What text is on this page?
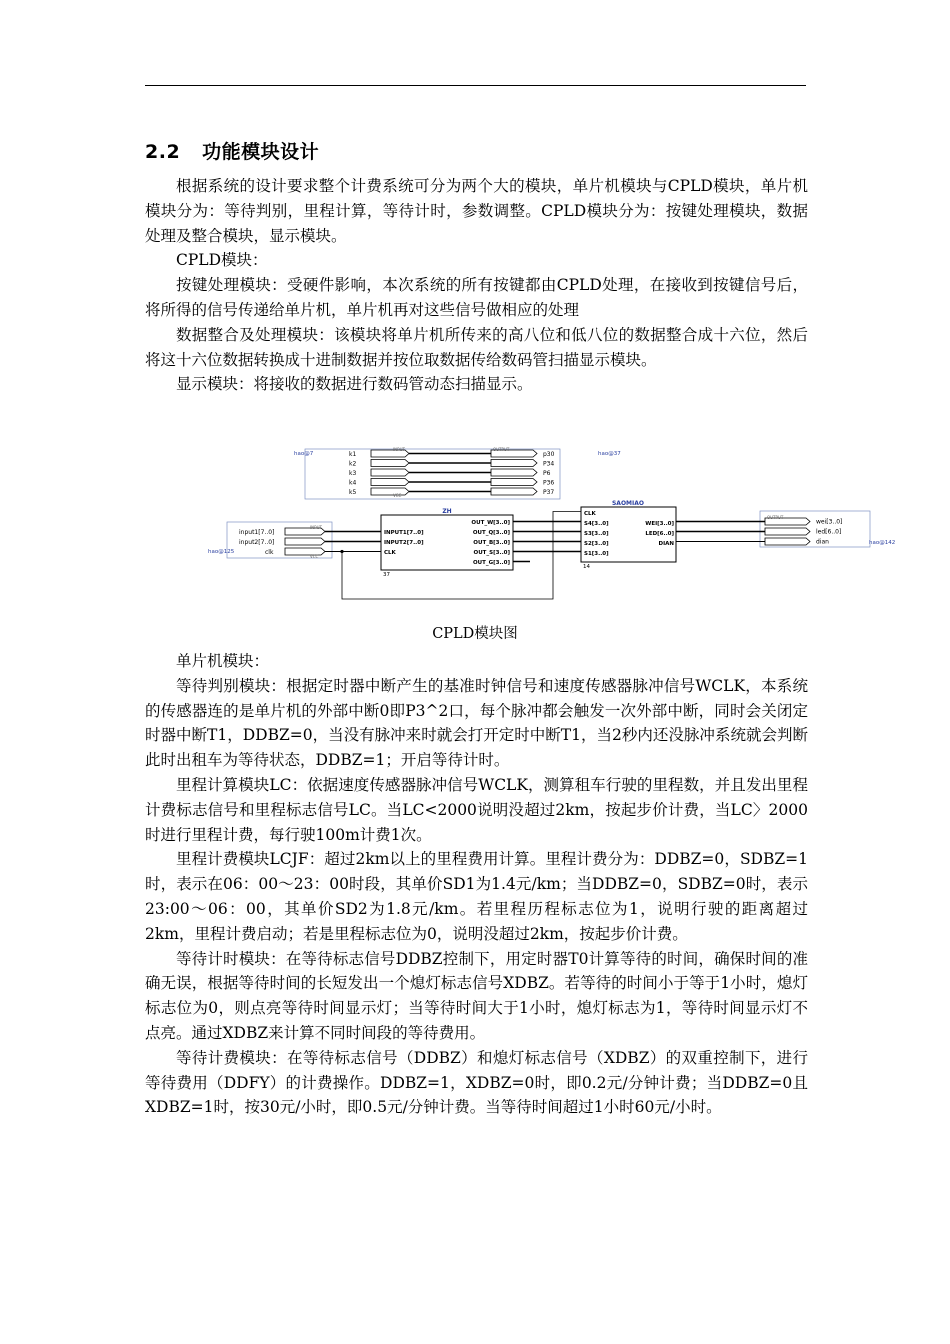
2.2 功能模块设计

根据系统的设计要求整个计费系统可分为两个大的模块，单片机模块与CPLD模块，单片机模块分为：等待判别，里程计算，等待计时，参数调整。CPLD模块分为：按键处理模块，数据处理及整合模块，显示模块。

CPLD模块：

按键处理模块：受硬件影响，本次系统的所有按键都由CPLD处理，在接收到按键信号后，将所得的信号传递给单片机，单片机再对这些信号做相应的处理

数据整合及处理模块：该模块将单片机所传来的高八位和低八位的数据整合成十六位，然后将这十六位数据转换成十进制数据并按位取数据传给数码管扫描显示模块。

显示模块：将接收的数据进行数码管动态扫描显示。

hao@7	k1
INPUT
k2
k3
k4
k5	VCC
hao@37
p30
OUTPUT
P34
P6
P36
P37
input1[7..0]
INPUT
input2[7..0]
clk
VCC
hao@125
ZH
INPUT1[7..0]
INPUT2[7..0]
CLK
OUT_W[3..0]
OUT_Q[3..0]
OUT_B[3..0]
OUT_S[3..0]
OUT_G[3..0]
37
SAOMIAO
CLK
S4[3..0]
S3[3..0]
S2[3..0]
S1[3..0]
WEI[3..0]
LED[6..0]
DIAN
14
wei[3..0]
OUTPUT
led[6..0]
dian	hao@142
CPLD模块图

单片机模块：

等待判别模块：根据定时器中断产生的基准时钟信号和速度传感器脉冲信号WCLK，本系统的传感器连的是单片机的外部中断0即P3^2口，每个脉冲都会触发一次外部中断，同时会关闭定时器中断T1，DDBZ=0，当没有脉冲来时就会打开定时中断T1，当2秒内还没脉冲系统就会判断此时出租车为等待状态，DDBZ=1；开启等待计时。

里程计算模块LC：依据速度传感器脉冲信号WCLK，测算租车行驶的里程数，并且发出里程计费标志信号和里程标志信号LC。当LC<2000说明没超过2km，按起步价计费，当LC〉2000时进行里程计费，每行驶100m计费1次。

里程计费模块LCJF：超过2km以上的里程费用计算。里程计费分为：DDBZ=0，SDBZ=1时，表示在06：00～23：00时段，其单价SD1为1.4元/km；当DDBZ=0，SDBZ=0时，表示23:00～06：00，其单价SD2为1.8元/km。若里程历程标志位为1，说明行驶的距离超过2km，里程计费启动；若是里程标志位为0，说明没超过2km，按起步价计费。

等待计时模块：在等待标志信号DDBZ控制下，用定时器T0计算等待的时间，确保时间的准确无误，根据等待时间的长短发出一个熄灯标志信号XDBZ。若等待的时间小于等于1小时，熄灯标志位为0，则点亮等待时间显示灯；当等待时间大于1小时，熄灯标志为1，等待时间显示灯不点亮。通过XDBZ来计算不同时间段的等待费用。

等待计费模块：在等待标志信号（DDBZ）和熄灯标志信号（XDBZ）的双重控制下，进行等待费用（DDFY）的计费操作。DDBZ=1，XDBZ=0时，即0.2元/分钟计费；当DDBZ=0且XDBZ=1时，按30元/小时，即0.5元/分钟计费。当等待时间超过1小时60元/小时。
